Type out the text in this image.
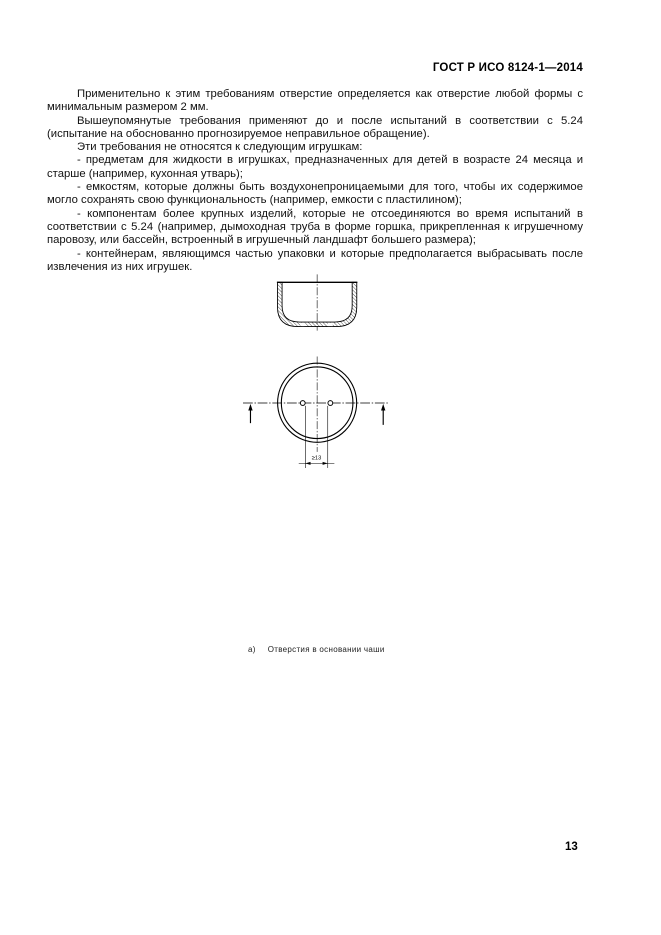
ГОСТ Р ИСО 8124-1—2014

Применительно к этим требованиям отверстие определяется как отверстие любой формы с минимальным размером 2 мм.

Вышеупомянутые требования применяют до и после испытаний в соответствии с 5.24 (испытание на обоснованно прогнозируемое неправильное обращение).

Эти требования не относятся к следующим игрушкам:

- предметам для жидкости в игрушках, предназначенных для детей в возрасте 24 месяца и старше (например, кухонная утварь);

- емкостям, которые должны быть воздухонепроницаемыми для того, чтобы их содержимое могло сохранять свою функциональность (например, емкости с пластилином);

- компонентам более крупных изделий, которые не отсоединяются во время испытаний в соответствии с 5.24 (например, дымоходная труба в форме горшка, прикрепленная к игрушечному паровозу, или бассейн, встроенный в игрушечный ландшафт большего размера);

- контейнерам, являющимся частью упаковки и которые предполагается выбрасывать после извлечения из них игрушек.

≥13
а) Отверстия в основании чаши
13
